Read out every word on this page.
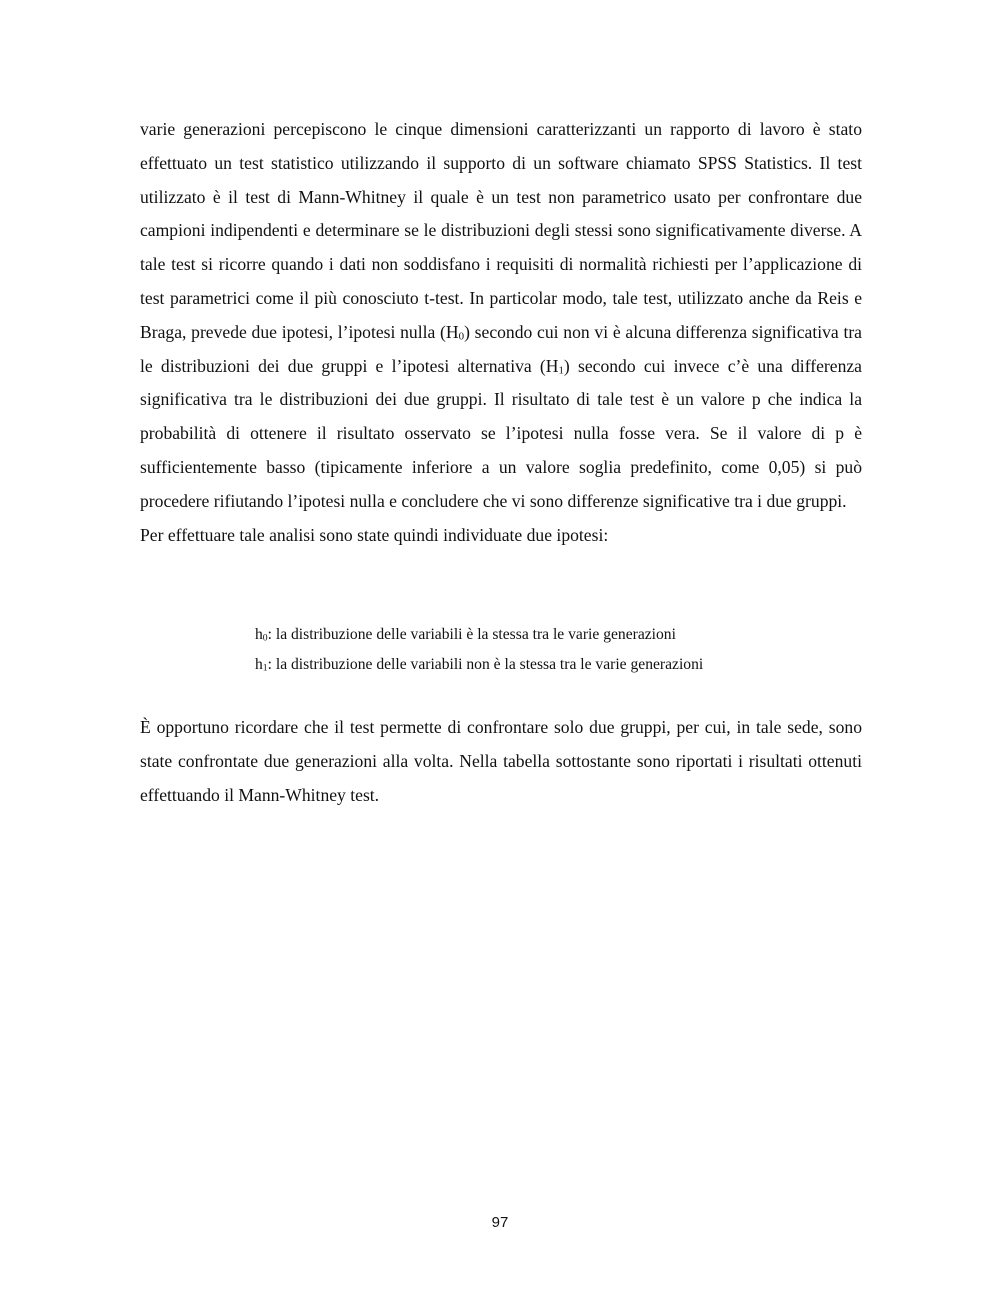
varie generazioni percepiscono le cinque dimensioni caratterizzanti un rapporto di lavoro è stato effettuato un test statistico utilizzando il supporto di un software chiamato SPSS Statistics. Il test utilizzato è il test di Mann-Whitney il quale è un test non parametrico usato per confrontare due campioni indipendenti e determinare se le distribuzioni degli stessi sono significativamente diverse. A tale test si ricorre quando i dati non soddisfano i requisiti di normalità richiesti per l’applicazione di test parametrici come il più conosciuto t-test. In particolar modo, tale test, utilizzato anche da Reis e Braga, prevede due ipotesi, l’ipotesi nulla (H0) secondo cui non vi è alcuna differenza significativa tra le distribuzioni dei due gruppi e l’ipotesi alternativa (H1) secondo cui invece c’è una differenza significativa tra le distribuzioni dei due gruppi. Il risultato di tale test è un valore p che indica la probabilità di ottenere il risultato osservato se l’ipotesi nulla fosse vera. Se il valore di p è sufficientemente basso (tipicamente inferiore a un valore soglia predefinito, come 0,05) si può procedere rifiutando l’ipotesi nulla e concludere che vi sono differenze significative tra i due gruppi.
Per effettuare tale analisi sono state quindi individuate due ipotesi:

h0: la distribuzione delle variabili è la stessa tra le varie generazioni
h1: la distribuzione delle variabili non è la stessa tra le varie generazioni

È opportuno ricordare che il test permette di confrontare solo due gruppi, per cui, in tale sede, sono state confrontate due generazioni alla volta. Nella tabella sottostante sono riportati i risultati ottenuti effettuando il Mann-Whitney test.

97
